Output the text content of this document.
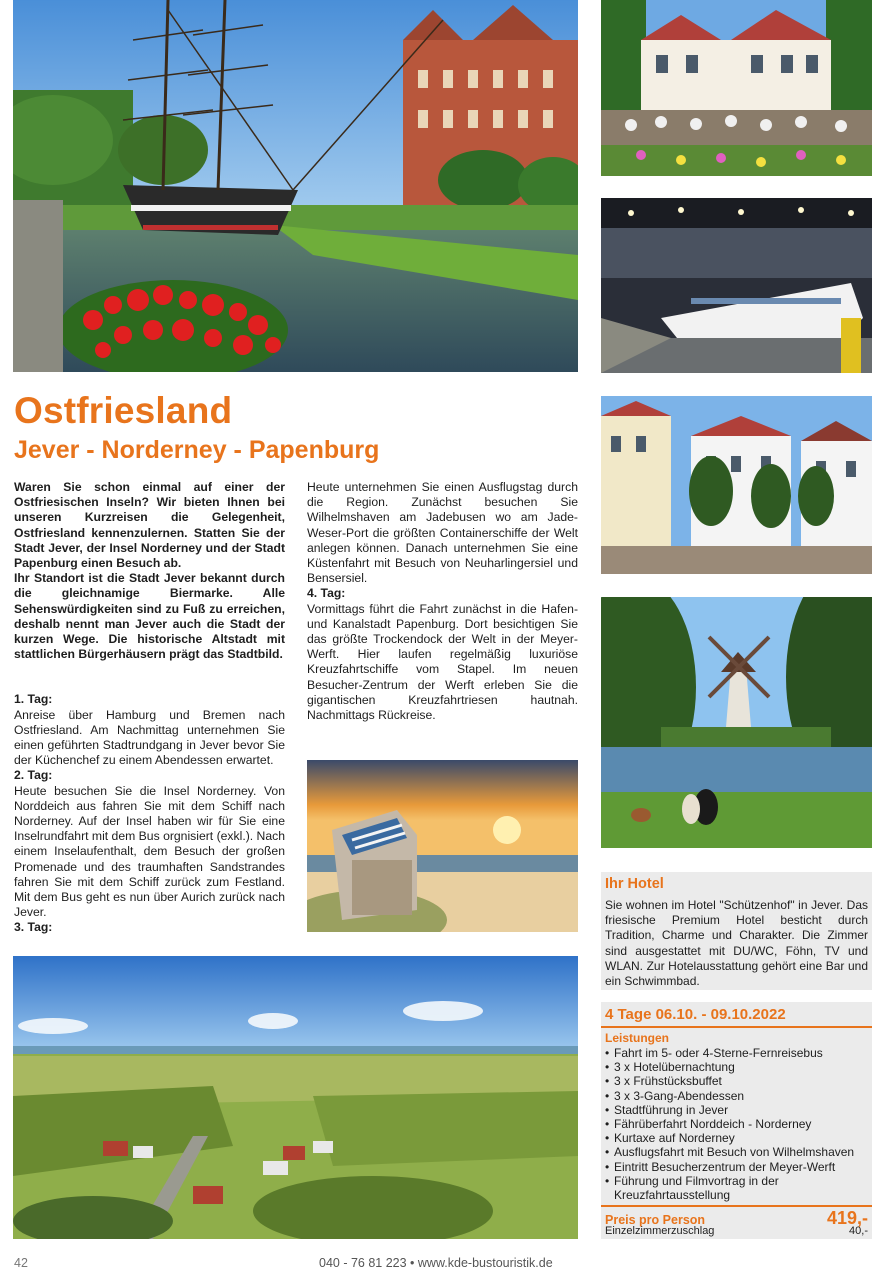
Ostfriesland
Jever - Norderney - Papenburg

Waren Sie schon einmal auf einer der Ostfriesischen Inseln? Wir bieten Ihnen bei unseren Kurzreisen die Gelegenheit, Ostfriesland kennenzulernen. Statten Sie der Stadt Jever, der Insel Norderney und der Stadt Papenburg einen Besuch ab.

Ihr Standort ist die Stadt Jever bekannt durch die gleichnamige Biermarke. Alle Sehenswürdigkeiten sind zu Fuß zu erreichen, deshalb nennt man Jever auch die Stadt der kurzen Wege. Die historische Altstadt mit stattlichen Bürgerhäusern prägt das Stadtbild.

1. Tag:

Anreise über Hamburg und Bremen nach Ostfriesland. Am Nachmittag unternehmen Sie einen geführten Stadtrundgang in Jever bevor Sie der Küchenchef zu einem Abendessen erwartet.

2. Tag:

Heute besuchen Sie die Insel Norderney. Von Norddeich aus fahren Sie mit dem Schiff nach Norderney. Auf der Insel haben wir für Sie eine Inselrundfahrt mit dem Bus orgnisiert (exkl.). Nach einem Inselaufenthalt, dem Besuch der großen Promenade und des traumhaften Sandstrandes fahren Sie mit dem Schiff zurück zum Festland. Mit dem Bus geht es nun über Aurich zurück nach Jever.

3. Tag:

Heute unternehmen Sie einen Ausflugstag durch die Region. Zunächst besuchen Sie Wilhelmshaven am Jadebusen wo am Jade-Weser-Port die größten Containerschiffe der Welt anlegen können. Danach unternehmen Sie eine Küstenfahrt mit Besuch von Neuharlingersiel und Bensersiel.

4. Tag:

Vormittags führt die Fahrt zunächst in die Hafen- und Kanalstadt Papenburg. Dort besichtigen Sie das größte Trockendock der Welt in der Meyer-Werft. Hier laufen regelmäßig luxuriöse Kreuzfahrtschiffe vom Stapel. Im neuen Besucher-Zentrum der Werft erleben Sie die gigantischen Kreuzfahrtriesen hautnah. Nachmittags Rückreise.

Ihr Hotel

Sie wohnen im Hotel "Schützenhof" in Jever. Das friesische Premium Hotel besticht durch Tradition, Charme und Charakter. Die Zimmer sind ausgestattet mit DU/WC, Föhn, TV und WLAN. Zur Hotelausstattung gehört eine Bar und ein Schwimmbad.

4 Tage 06.10. - 09.10.2022
Leistungen
• Fahrt im 5- oder 4-Sterne-Fernreisebus
• 3 x Hotelübernachtung
• 3 x Frühstücksbuffet
• 3 x 3-Gang-Abendessen
• Stadtführung in Jever
• Fährüberfahrt Norddeich - Norderney
• Kurtaxe auf Norderney
• Ausflugsfahrt mit Besuch von Wilhelmshaven
• Eintritt Besucherzentrum der Meyer-Werft
• Führung und Filmvortrag in der Kreuzfahrtausstellung
Preis pro Person	419,-
Einzelzimmerzuschlag	40,-
42	040 - 76 81 223 • www.kde-bustouristik.de
